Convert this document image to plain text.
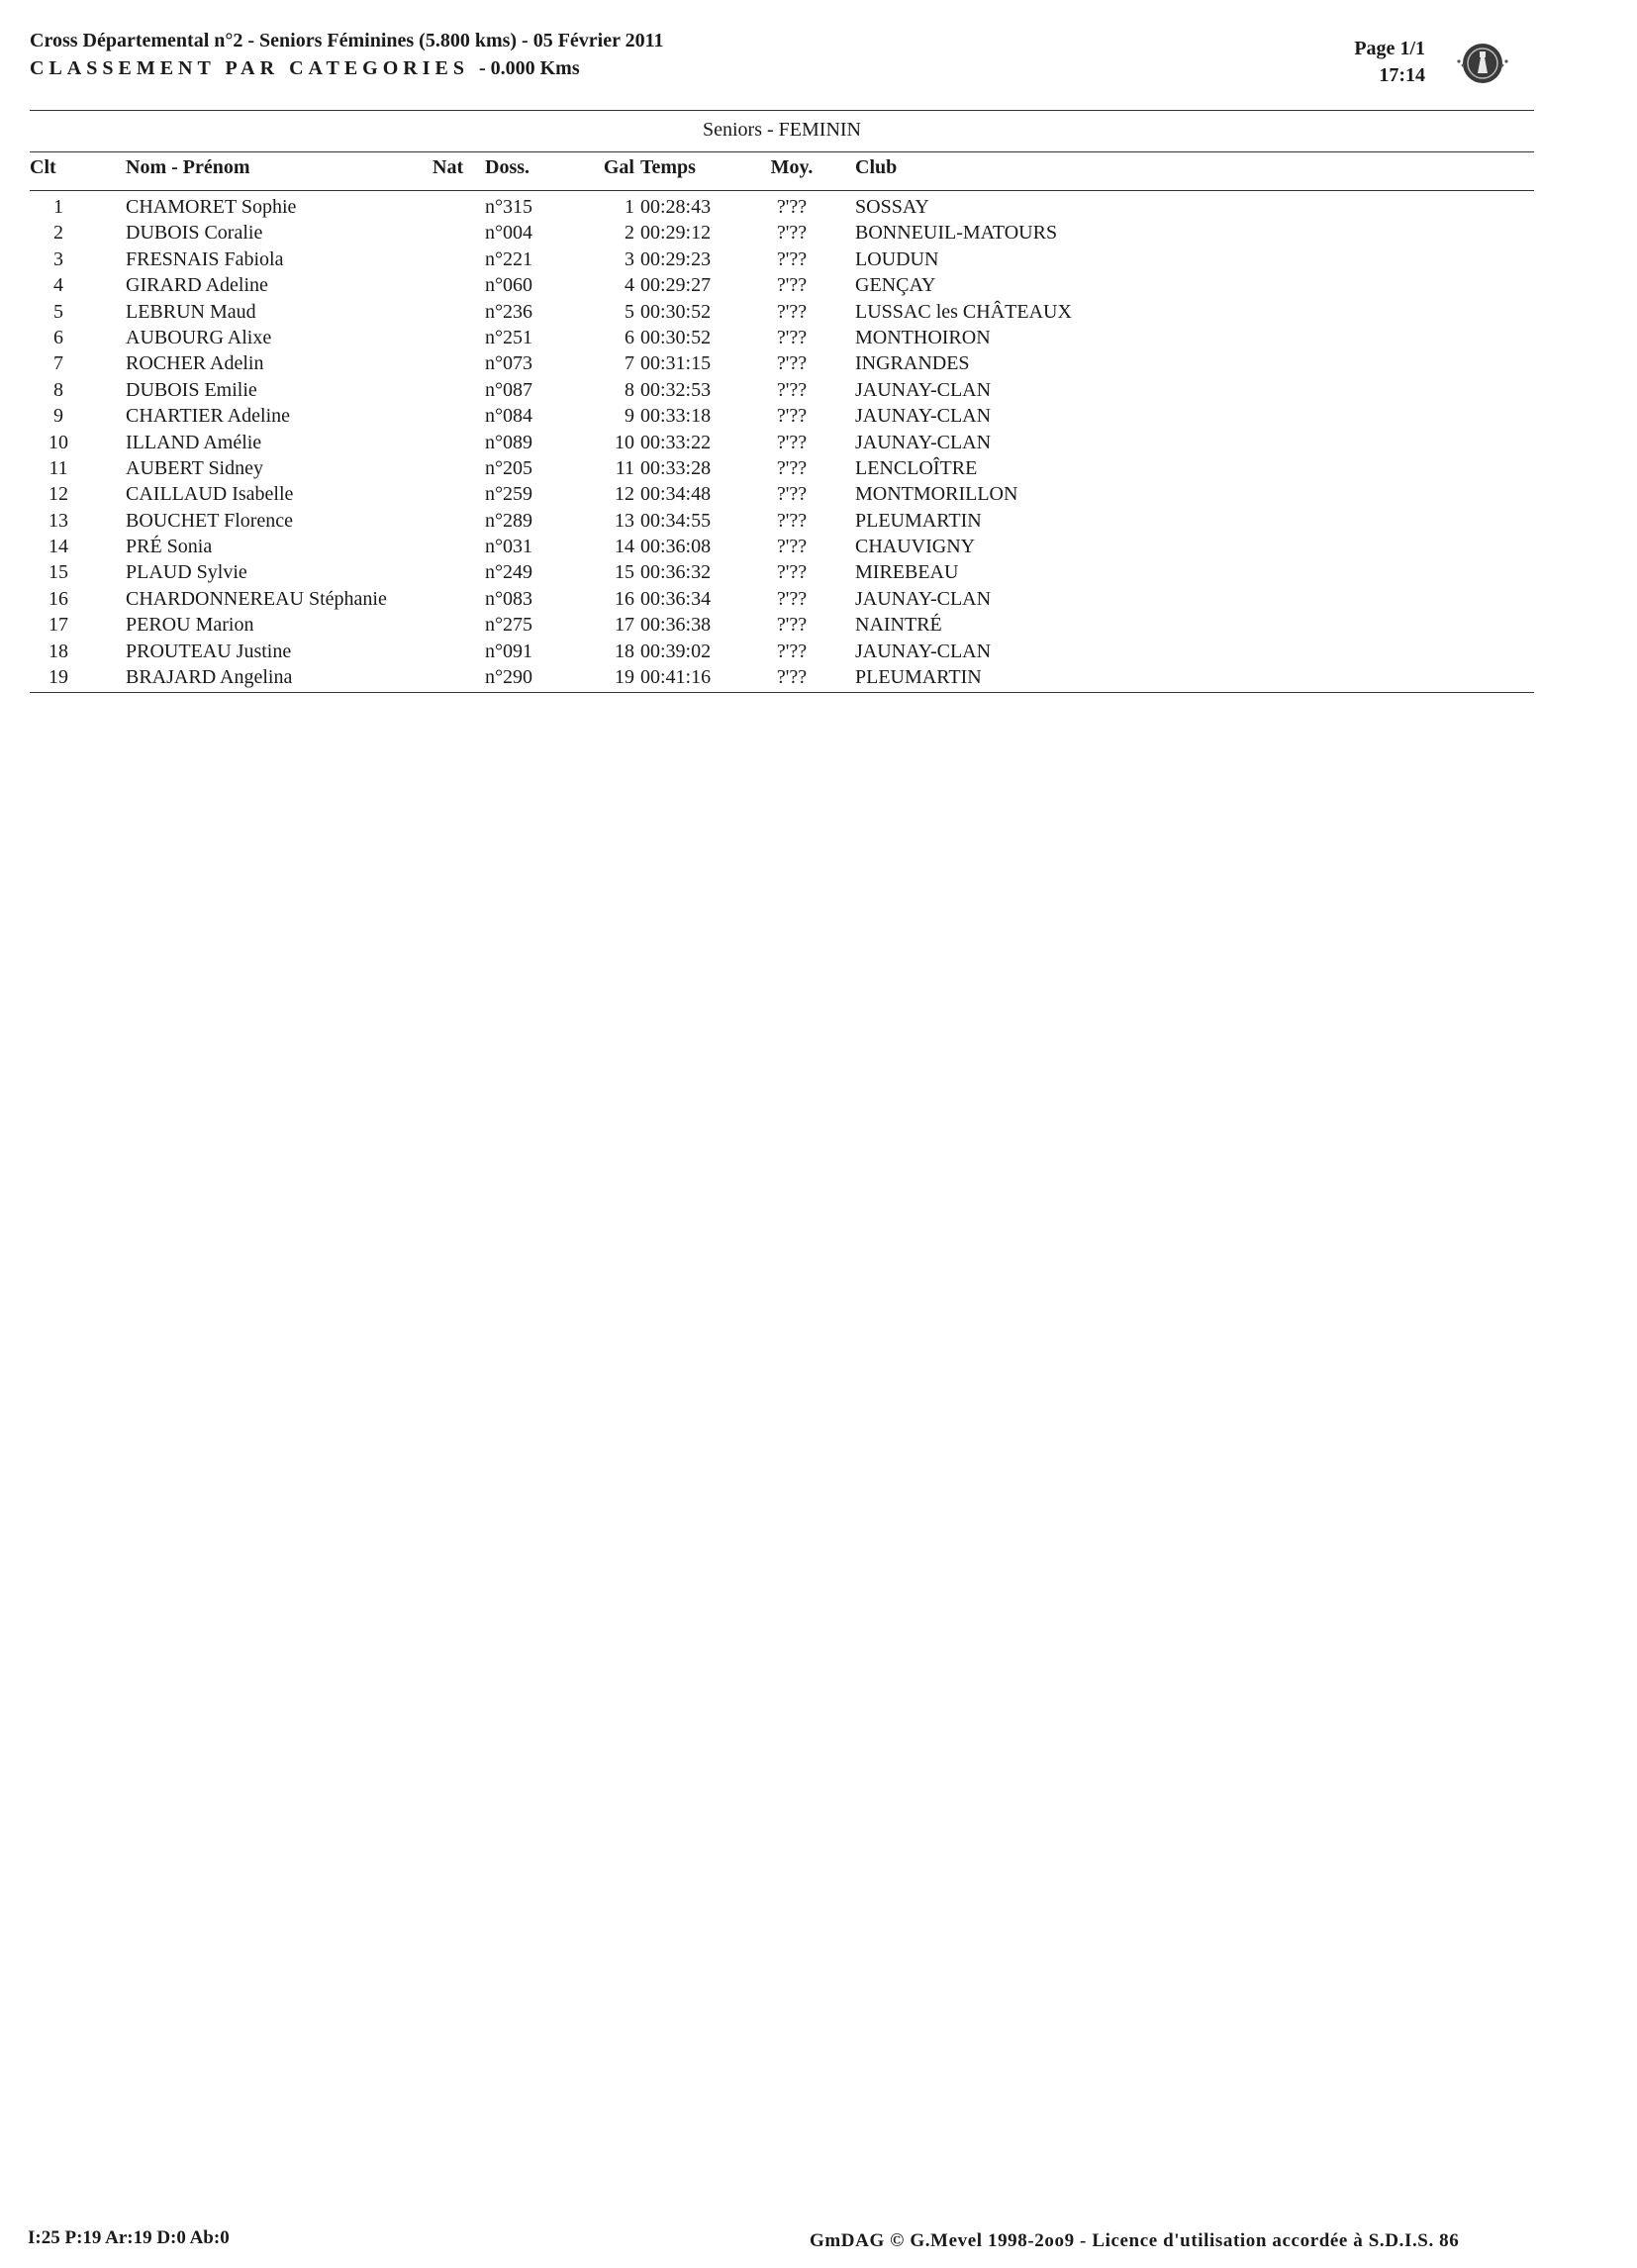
Cross Départemental n°2 - Seniors Féminines (5.800 kms) - 05 Février 2011
CLASSEMENT PAR CATEGORIES - 0.000 Kms
Page 1/1
17:14
Seniors - FEMININ
Clt	Nom - Prénom	Nat Doss.	Gal Temps	Moy.	Club
1	CHAMORET Sophie	n°315	1 00:28:43	?'??	SOSSAY
2	DUBOIS Coralie	n°004	2 00:29:12	?'??	BONNEUIL-MATOURS
3	FRESNAIS Fabiola	n°221	3 00:29:23	?'??	LOUDUN
4	GIRARD Adeline	n°060	4 00:29:27	?'??	GENÇAY
5	LEBRUN Maud	n°236	5 00:30:52	?'??	LUSSAC les CHÂTEAUX
6	AUBOURG Alixe	n°251	6 00:30:52	?'??	MONTHOIRON
7	ROCHER Adelin	n°073	7 00:31:15	?'??	INGRANDES
8	DUBOIS Emilie	n°087	8 00:32:53	?'??	JAUNAY-CLAN
9	CHARTIER Adeline	n°084	9 00:33:18	?'??	JAUNAY-CLAN
10	ILLAND Amélie	n°089	10 00:33:22	?'??	JAUNAY-CLAN
11	AUBERT Sidney	n°205	11 00:33:28	?'??	LENCLOÎTRE
12	CAILLAUD Isabelle	n°259	12 00:34:48	?'??	MONTMORILLON
13	BOUCHET Florence	n°289	13 00:34:55	?'??	PLEUMARTIN
14	PRÉ Sonia	n°031	14 00:36:08	?'??	CHAUVIGNY
15	PLAUD Sylvie	n°249	15 00:36:32	?'??	MIREBEAU
16	CHARDONNEREAU Stéphanie	n°083	16 00:36:34	?'??	JAUNAY-CLAN
17	PEROU Marion	n°275	17 00:36:38	?'??	NAINTRÉ
18	PROUTEAU Justine	n°091	18 00:39:02	?'??	JAUNAY-CLAN
19	BRAJARD Angelina	n°290	19 00:41:16	?'??	PLEUMARTIN
I:25 P:19 Ar:19 D:0 Ab:0	GmDAG © G.Mevel 1998-2oo9 - Licence d'utilisation accordée à S.D.I.S. 86
